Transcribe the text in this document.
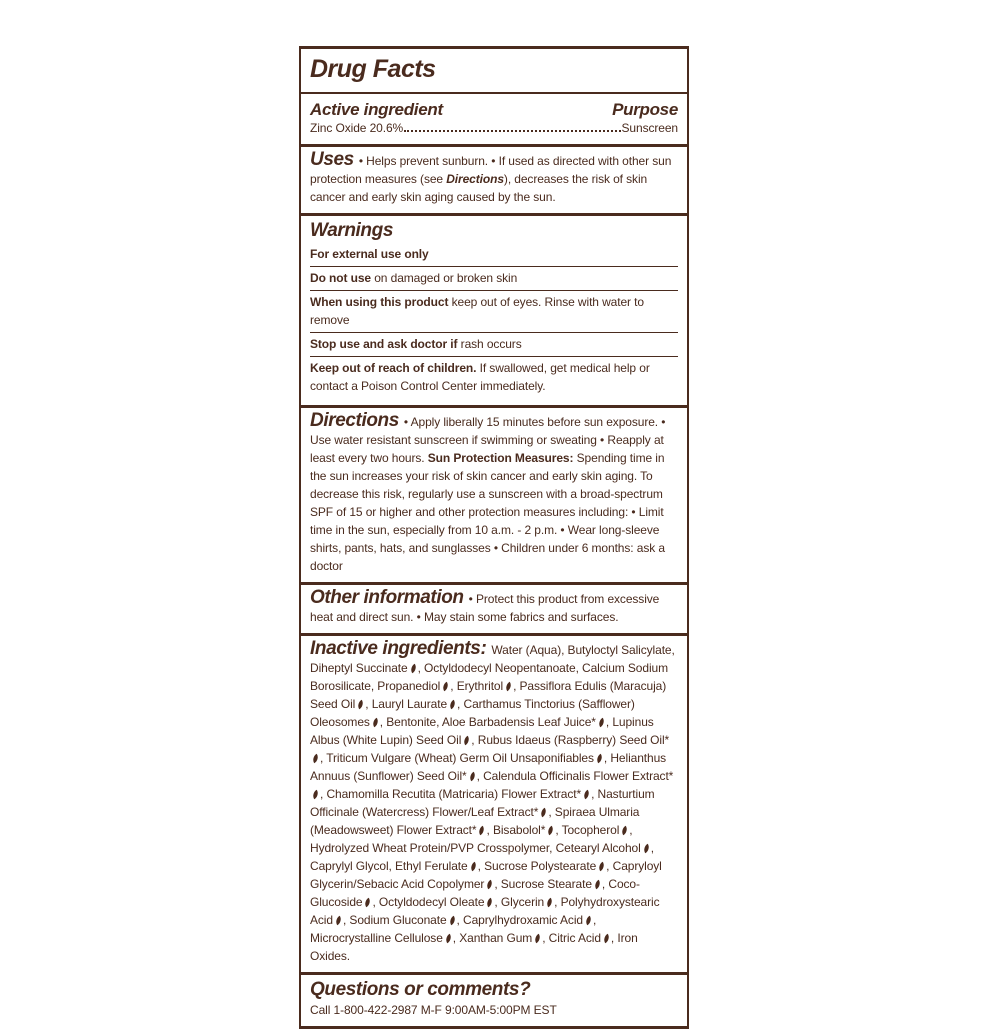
Drug Facts
Active ingredient	Purpose
Zinc Oxide 20.6%	Sunscreen

Uses • Helps prevent sunburn. • If used as directed with other sun protection measures (see Directions), decreases the risk of skin cancer and early skin aging caused by the sun.

Warnings

For external use only

Do not use on damaged or broken skin

When using this product keep out of eyes. Rinse with water to remove

Stop use and ask doctor if rash occurs

Keep out of reach of children. If swallowed, get medical help or contact a Poison Control Center immediately.

Directions • Apply liberally 15 minutes before sun exposure. • Use water resistant sunscreen if swimming or sweating • Reapply at least every two hours. Sun Protection Measures: Spending time in the sun increases your risk of skin cancer and early skin aging. To decrease this risk, regularly use a sunscreen with a broad-spectrum SPF of 15 or higher and other protection measures including: • Limit time in the sun, especially from 10 a.m. - 2 p.m. • Wear long-sleeve shirts, pants, hats, and sunglasses • Children under 6 months: ask a doctor

Other information • Protect this product from excessive heat and direct sun. • May stain some fabrics and surfaces.

Inactive ingredients: Water (Aqua), Butyloctyl Salicylate, Diheptyl Succinate , Octyldodecyl Neopentanoate, Calcium Sodium Borosilicate, Propanediol , Erythritol , Passiflora Edulis (Maracuja) Seed Oil , Lauryl Laurate , Carthamus Tinctorius (Safflower) Oleosomes , Bentonite, Aloe Barbadensis Leaf Juice* , Lupinus Albus (White Lupin) Seed Oil , Rubus Idaeus (Raspberry) Seed Oil*, Triticum Vulgare (Wheat) Germ Oil Unsaponifiables , Helianthus Annuus (Sunflower) Seed Oil* , Calendula Officinalis Flower Extract*, Chamomilla Recutita (Matricaria) Flower Extract* , Nasturtium Officinale (Watercress) Flower/Leaf Extract* , Spiraea Ulmaria (Meadowsweet) Flower Extract* , Bisabolol* , Tocopherol , Hydrolyzed Wheat Protein/PVP Crosspolymer, Cetearyl Alcohol , Caprylyl Glycol, Ethyl Ferulate , Sucrose Polystearate , Capryloyl Glycerin/Sebacic Acid Copolymer , Sucrose Stearate , Coco-Glucoside , Octyldodecyl Oleate , Glycerin , Polyhydroxystearic Acid , Sodium Gluconate , Caprylhydroxamic Acid , Microcrystalline Cellulose , Xanthan Gum , Citric Acid , Iron Oxides.

Questions or comments?

Call 1-800-422-2987 M-F 9:00AM-5:00PM EST
